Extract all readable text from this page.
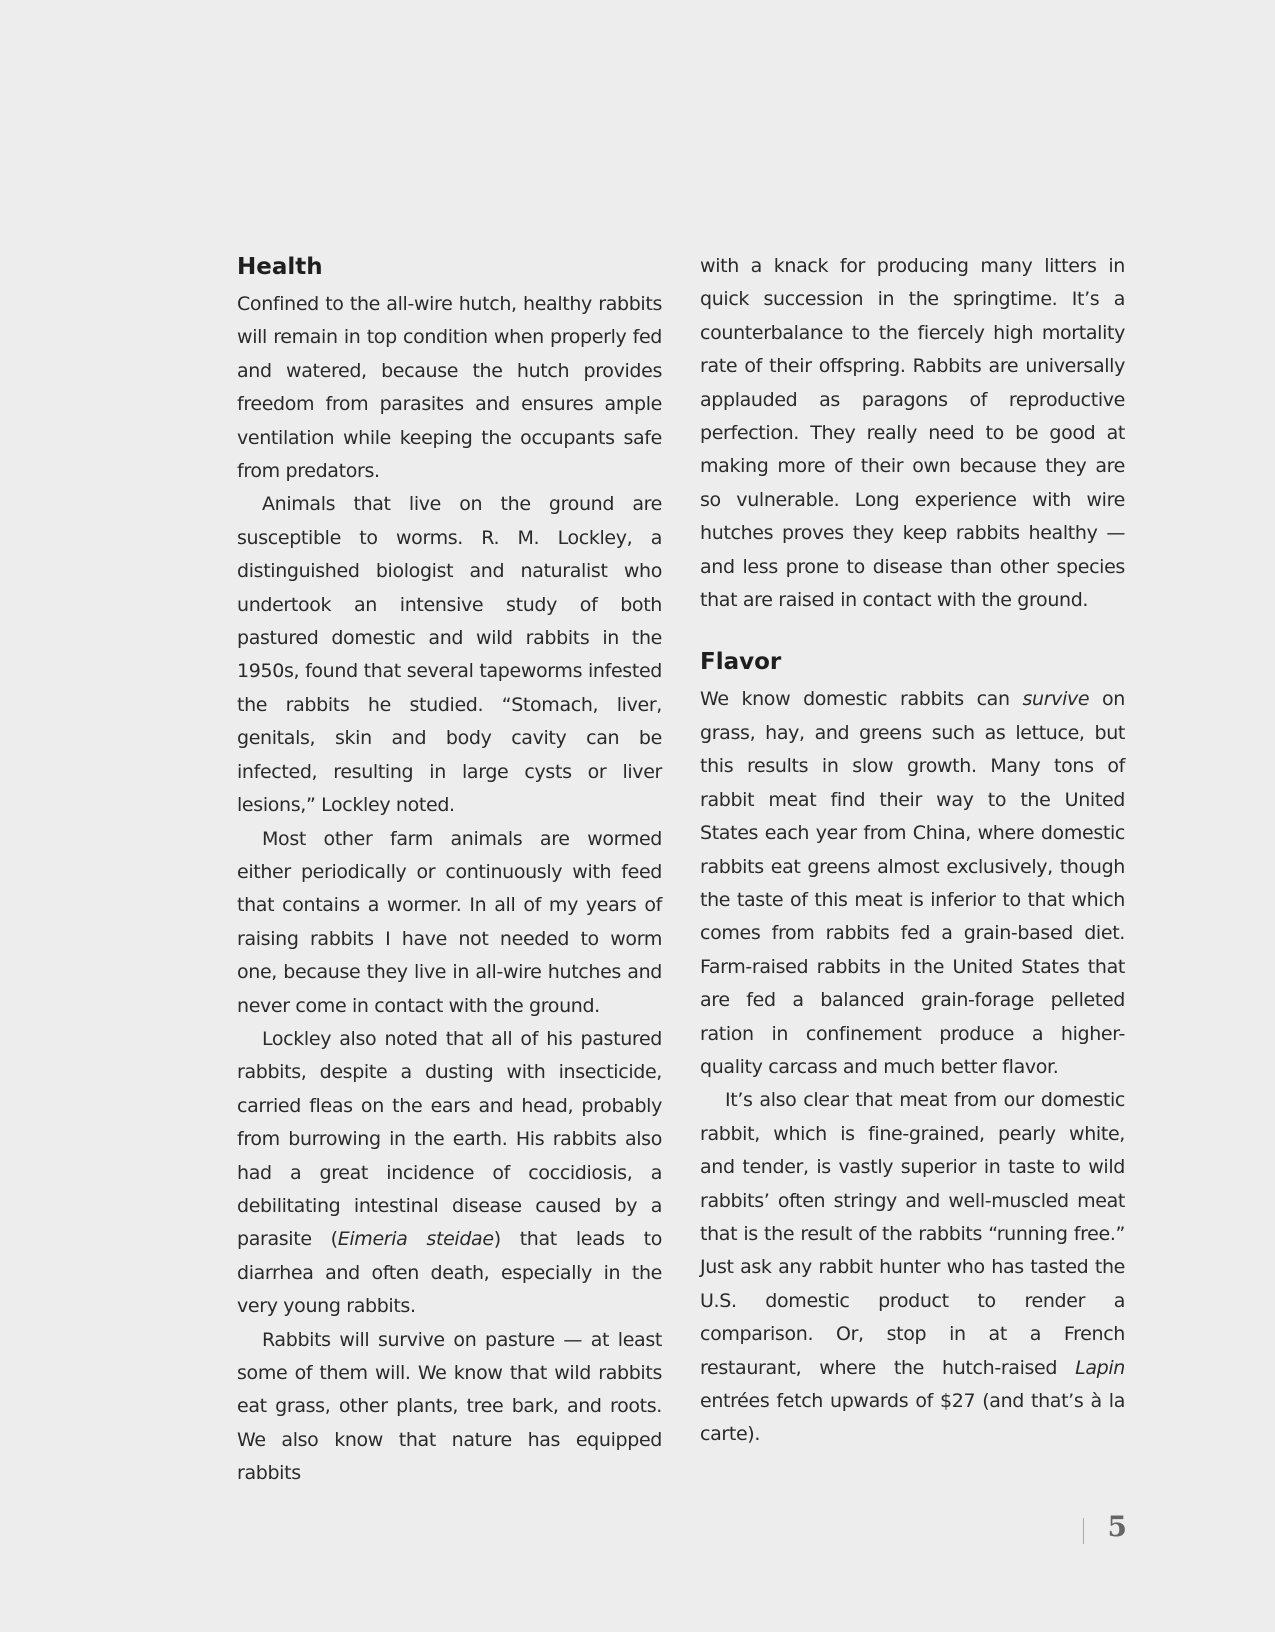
Health

Confined to the all-wire hutch, healthy rabbits will remain in top condition when properly fed and watered, because the hutch provides freedom from parasites and ensures ample ventilation while keeping the occupants safe from predators.

Animals that live on the ground are susceptible to worms. R. M. Lockley, a distinguished biologist and naturalist who undertook an intensive study of both pastured domestic and wild rabbits in the 1950s, found that several tapeworms infested the rabbits he studied. “Stomach, liver, genitals, skin and body cavity can be infected, resulting in large cysts or liver lesions,” Lockley noted.

Most other farm animals are wormed either periodically or continuously with feed that contains a wormer. In all of my years of raising rabbits I have not needed to worm one, because they live in all-wire hutches and never come in contact with the ground.

Lockley also noted that all of his pastured rabbits, despite a dusting with insecticide, carried fleas on the ears and head, probably from burrowing in the earth. His rabbits also had a great incidence of coccidiosis, a debilitating intestinal disease caused by a parasite (Eimeria steidae) that leads to diarrhea and often death, especially in the very young rabbits.

Rabbits will survive on pasture — at least some of them will. We know that wild rabbits eat grass, other plants, tree bark, and roots. We also know that nature has equipped rabbits

with a knack for producing many litters in quick succession in the springtime. It’s a counterbalance to the fiercely high mortality rate of their offspring. Rabbits are universally applauded as paragons of reproductive perfection. They really need to be good at making more of their own because they are so vulnerable. Long experience with wire hutches proves they keep rabbits healthy — and less prone to disease than other species that are raised in contact with the ground.

Flavor

We know domestic rabbits can survive on grass, hay, and greens such as lettuce, but this results in slow growth. Many tons of rabbit meat find their way to the United States each year from China, where domestic rabbits eat greens almost exclusively, though the taste of this meat is inferior to that which comes from rabbits fed a grain-based diet. Farm-raised rabbits in the United States that are fed a balanced grain-forage pelleted ration in confinement produce a higher-quality carcass and much better flavor.

It’s also clear that meat from our domestic rabbit, which is fine-grained, pearly white, and tender, is vastly superior in taste to wild rabbits’ often stringy and well-muscled meat that is the result of the rabbits “running free.” Just ask any rabbit hunter who has tasted the U.S. domestic product to render a comparison. Or, stop in at a French restaurant, where the hutch-raised Lapin entrées fetch upwards of $27 (and that’s à la carte).

5
